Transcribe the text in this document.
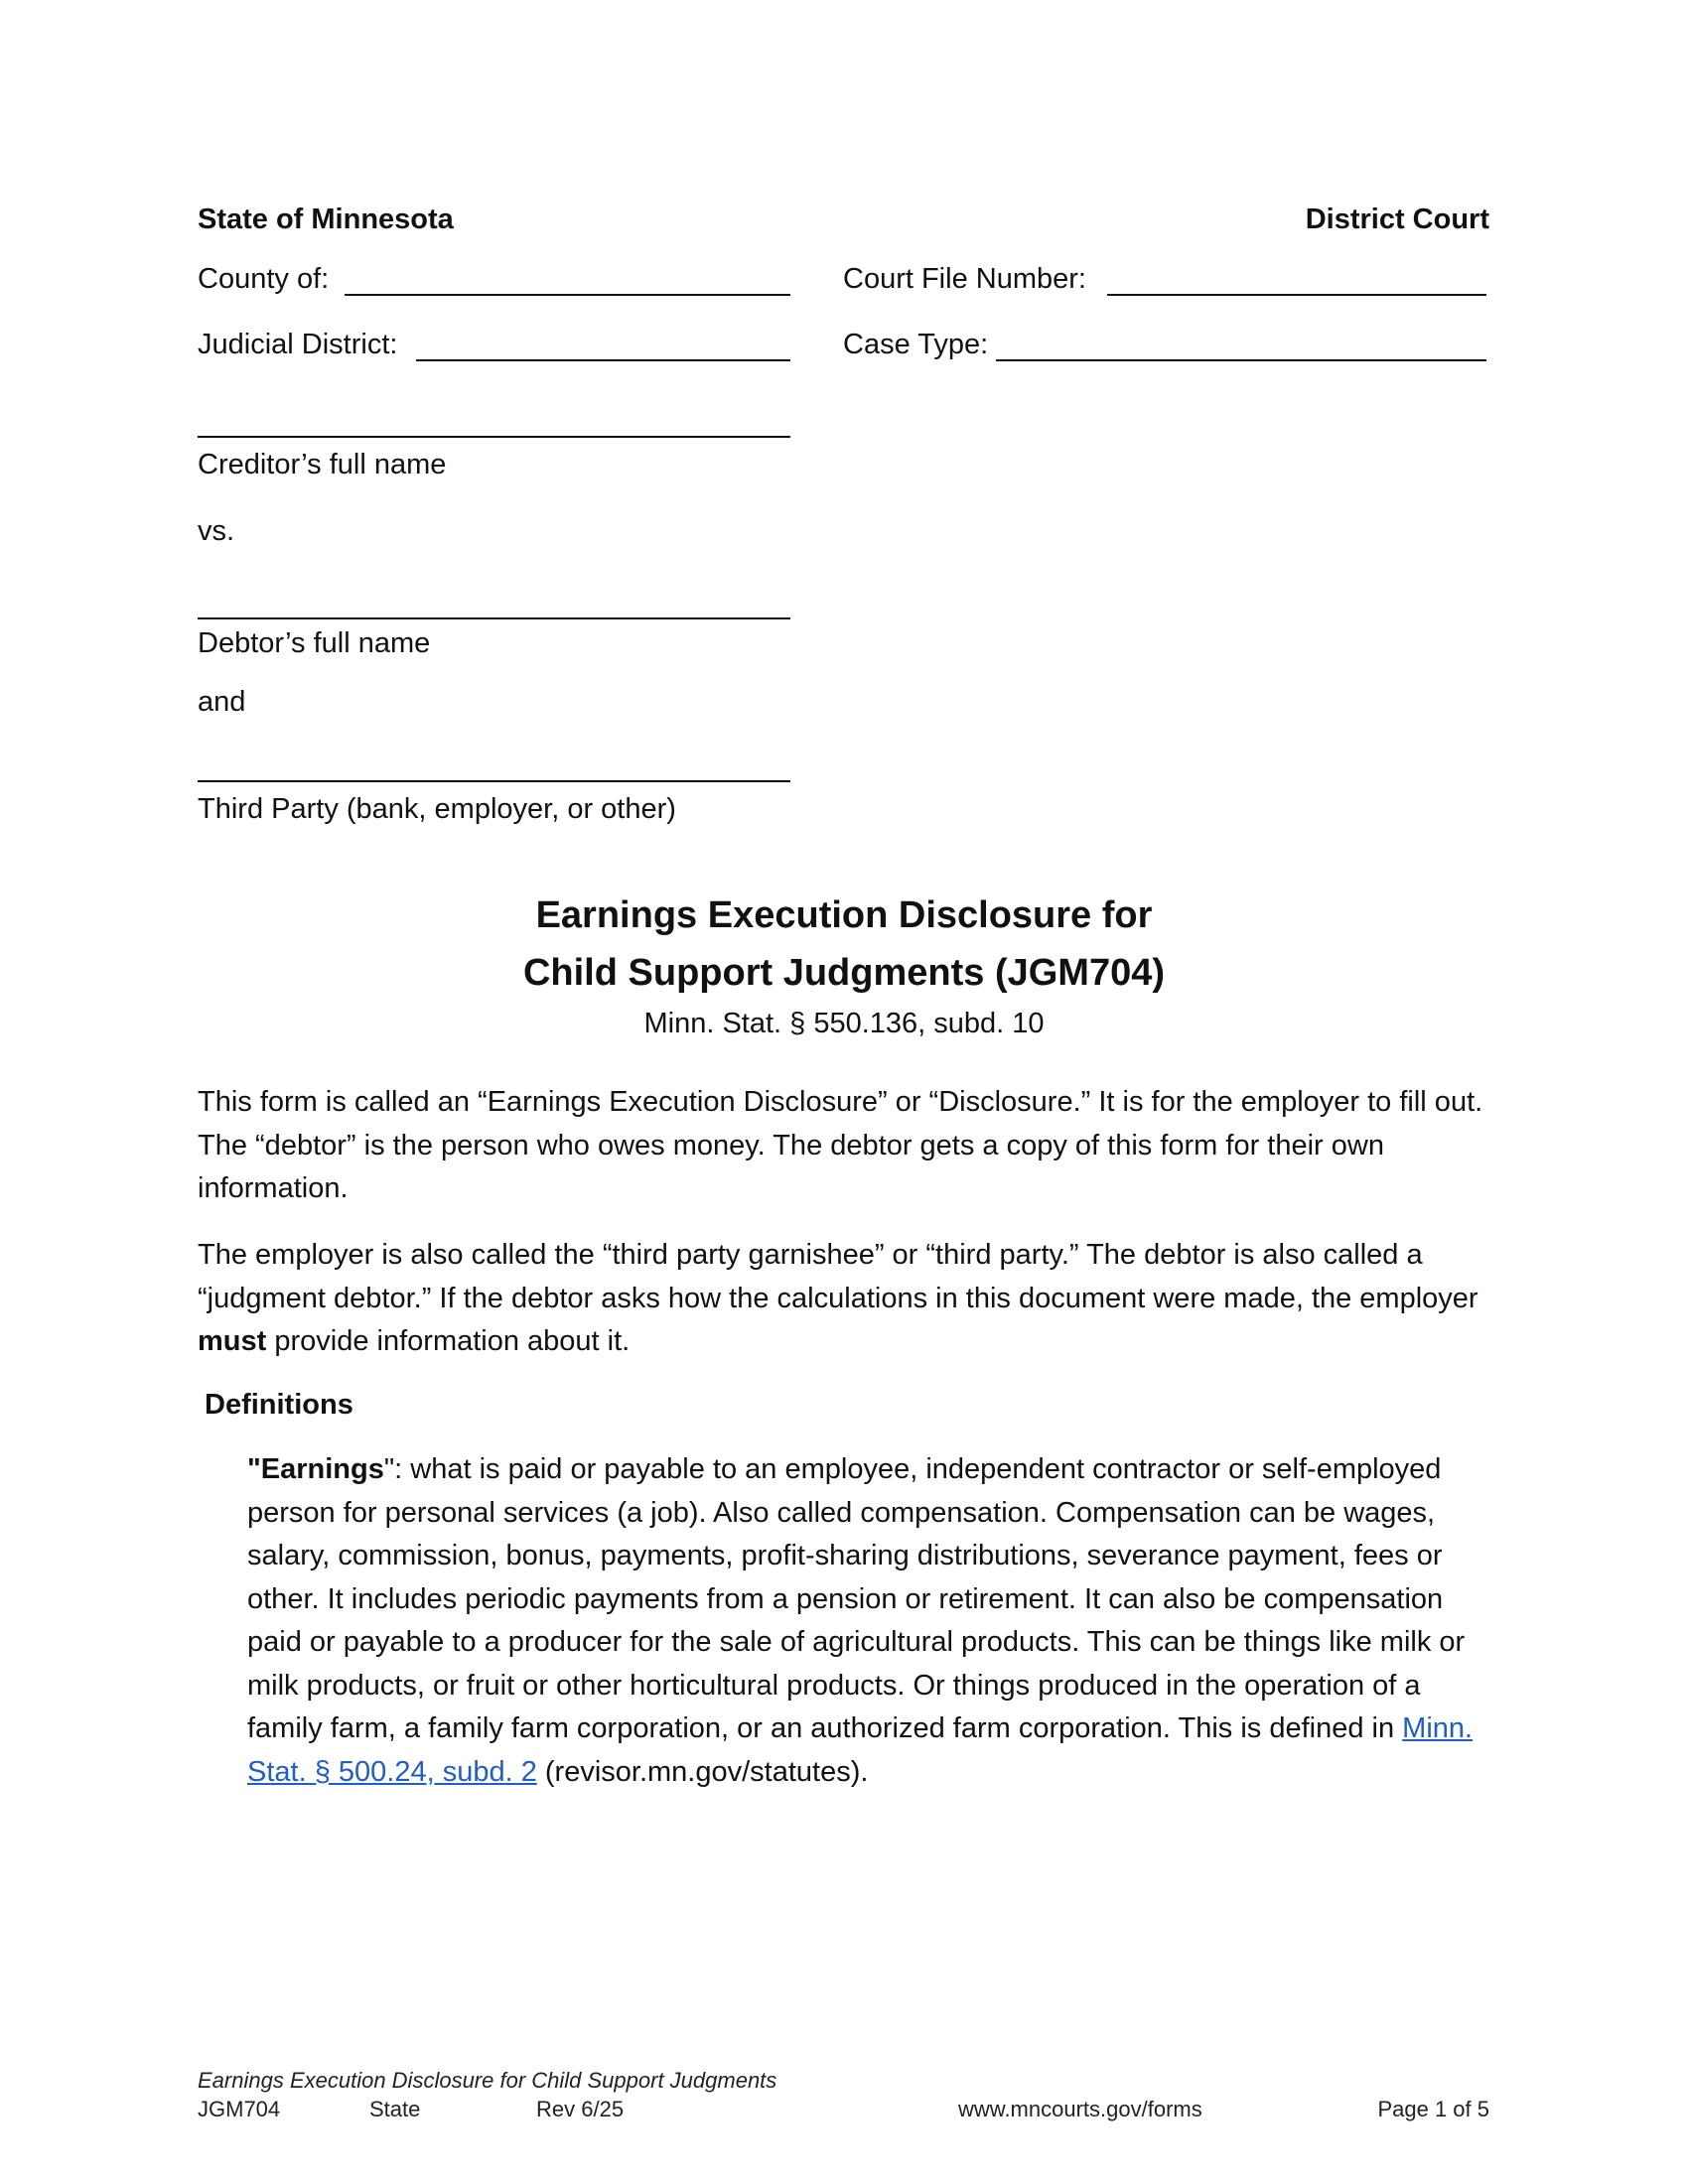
State of Minnesota	District Court
County of:	Court File Number:
Judicial District:	Case Type:
Creditor’s full name
vs.
Debtor’s full name
and
Third Party (bank, employer, or other)
Earnings Execution Disclosure for
Child Support Judgments (JGM704)
Minn. Stat. § 550.136, subd. 10
This form is called an “Earnings Execution Disclosure” or “Disclosure.” It is for the employer to fill out. The “debtor” is the person who owes money. The debtor gets a copy of this form for their own information.
The employer is also called the “third party garnishee” or “third party.” The debtor is also called a “judgment debtor.” If the debtor asks how the calculations in this document were made, the employer must provide information about it.
Definitions
"Earnings": what is paid or payable to an employee, independent contractor or self-employed person for personal services (a job). Also called compensation. Compensation can be wages, salary, commission, bonus, payments, profit-sharing distributions, severance payment, fees or other. It includes periodic payments from a pension or retirement. It can also be compensation paid or payable to a producer for the sale of agricultural products. This can be things like milk or milk products, or fruit or other horticultural products. Or things produced in the operation of a family farm, a family farm corporation, or an authorized farm corporation. This is defined in Minn. Stat. § 500.24, subd. 2 (revisor.mn.gov/statutes).
Earnings Execution Disclosure for Child Support Judgments
JGM704	State	Rev 6/25	www.mncourts.gov/forms	Page 1 of 5
